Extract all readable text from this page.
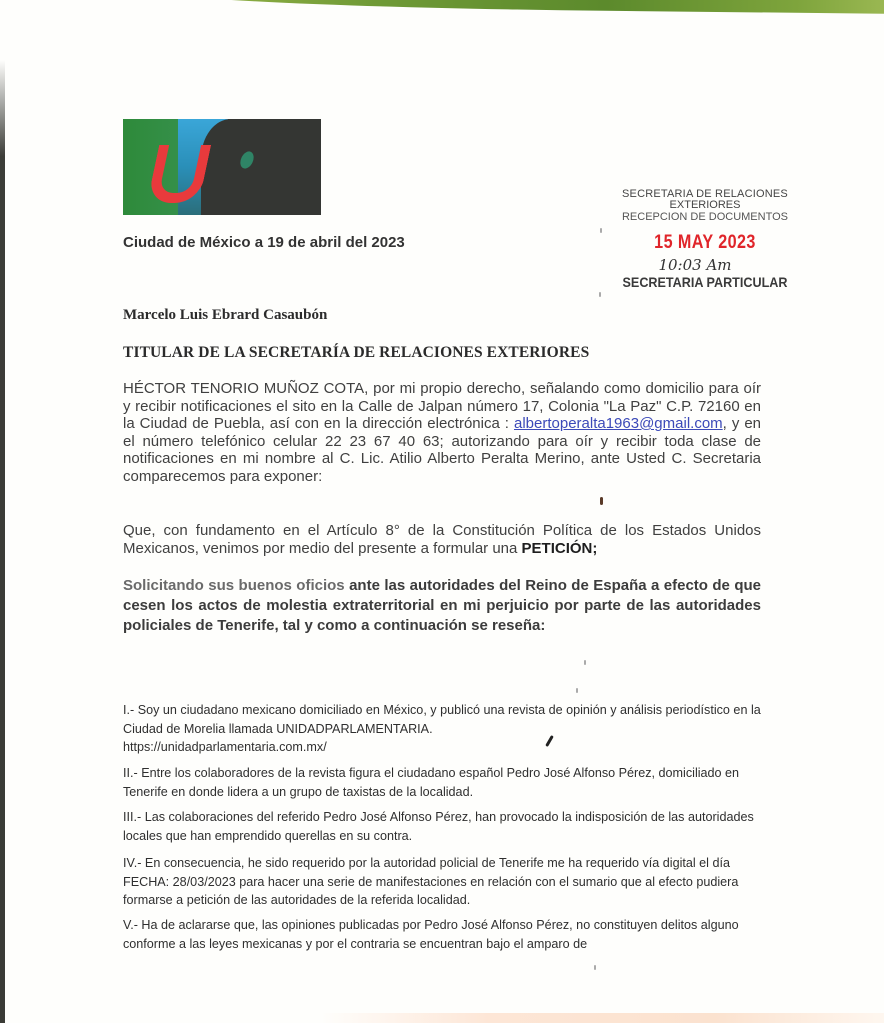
Ciudad de México a 19 de abril del 2023
SECRETARIA DE RELACIONES
EXTERIORES
RECEPCION DE DOCUMENTOS
15 MAY 2023
10:03 Am
SECRETARIA PARTICULAR
Marcelo Luis Ebrard Casaubón
TITULAR DE LA SECRETARÍA DE RELACIONES EXTERIORES
HÉCTOR TENORIO MUÑOZ COTA, por mi propio derecho, señalando como domicilio para oír y recibir notificaciones el sito en la Calle de Jalpan número 17, Colonia "La Paz" C.P. 72160 en la Ciudad de Puebla, así con en la dirección electrónica : albertoperalta1963@gmail.com, y en el número telefónico celular 22 23 67 40 63; autorizando para oír y recibir toda clase de notificaciones en mi nombre al C. Lic. Atilio Alberto Peralta Merino, ante Usted C. Secretaria comparecemos para exponer:
Que, con fundamento en el Artículo 8° de la Constitución Política de los Estados Unidos Mexicanos, venimos por medio del presente a formular una PETICIÓN;
Solicitando sus buenos oficios ante las autoridades del Reino de España a efecto de que cesen los actos de molestia extraterritorial en mi perjuicio por parte de las autoridades policiales de Tenerife, tal y como a continuación se reseña:
I.- Soy un ciudadano mexicano domiciliado en México, y publicó una revista de opinión y análisis periodístico en la Ciudad de Morelia llamada UNIDADPARLAMENTARIA.
https://unidadparlamentaria.com.mx/
II.- Entre los colaboradores de la revista figura el ciudadano español Pedro José Alfonso Pérez, domiciliado en Tenerife en donde lidera a un grupo de taxistas de la localidad.
III.- Las colaboraciones del referido Pedro José Alfonso Pérez, han provocado la indisposición de las autoridades locales que han emprendido querellas en su contra.
IV.- En consecuencia, he sido requerido por la autoridad policial de Tenerife me ha requerido vía digital el día FECHA: 28/03/2023 para hacer una serie de manifestaciones en relación con el sumario que al efecto pudiera formarse a petición de las autoridades de la referida localidad.
V.- Ha de aclararse que, las opiniones publicadas por Pedro José Alfonso Pérez, no constituyen delitos alguno conforme a las leyes mexicanas y por el contraria se encuentran bajo el amparo de
